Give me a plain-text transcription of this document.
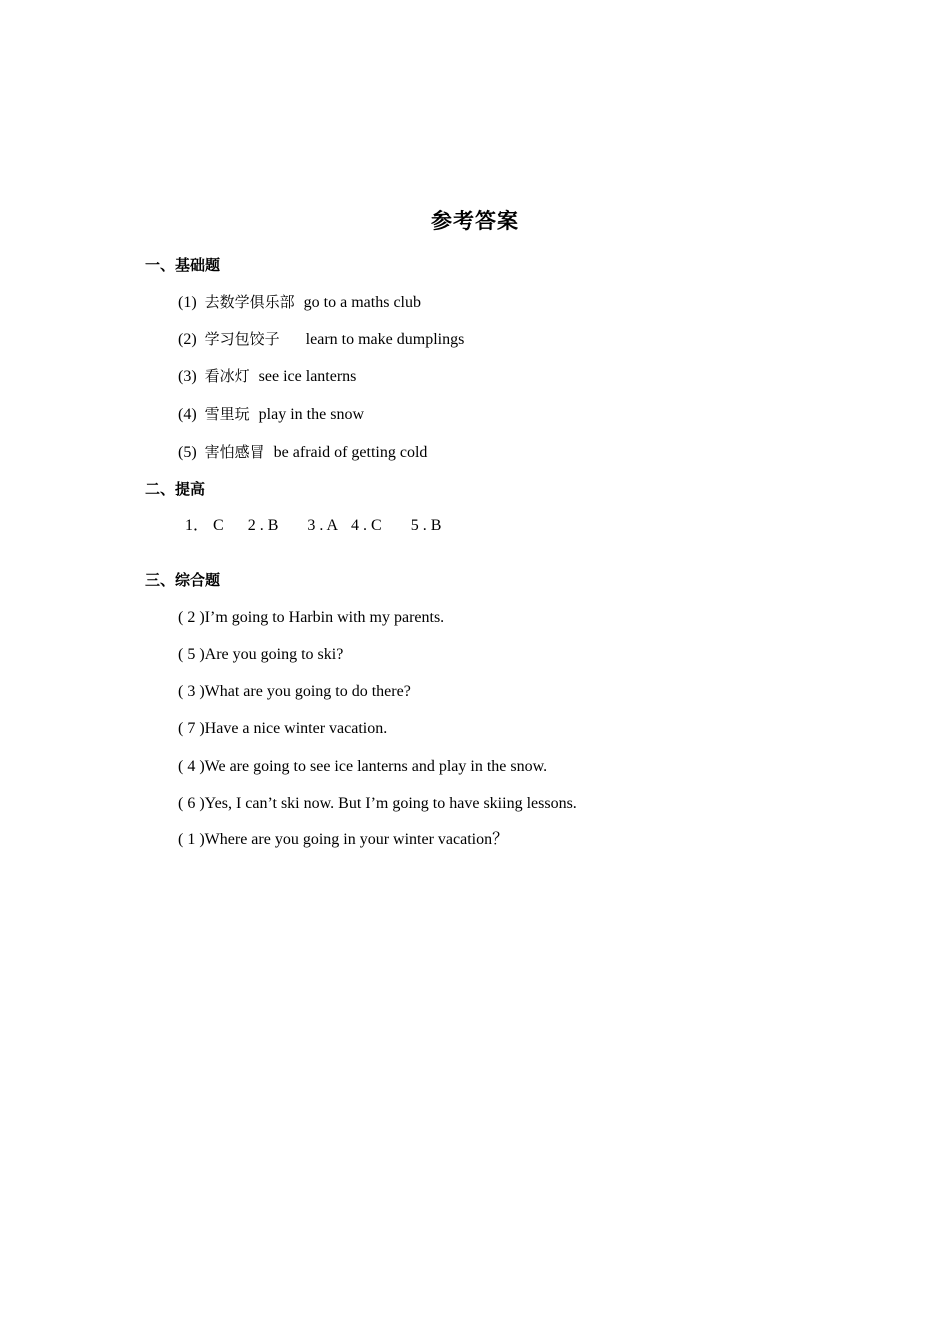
参考答案
一、基础题
(1) 去数学俱乐部 go to a maths club
(2) 学习包饺子 learn to make dumplings
(3) 看冰灯 see ice lanterns
(4) 雪里玩 play in the snow
(5) 害怕感冒 be afraid of getting cold
二、提高
1． C 2 . B 3 . A 4 . C 5 . B
三、综合题
( 2 )I’m going to Harbin with my parents.
( 5 )Are you going to ski?
( 3 )What are you going to do there?
( 7 )Have a nice winter vacation.
( 4 )We are going to see ice lanterns and play in the snow.
( 6 )Yes, I can’t ski now. But I’m going to have skiing lessons.
( 1 )Where are you going in your winter vacation？
